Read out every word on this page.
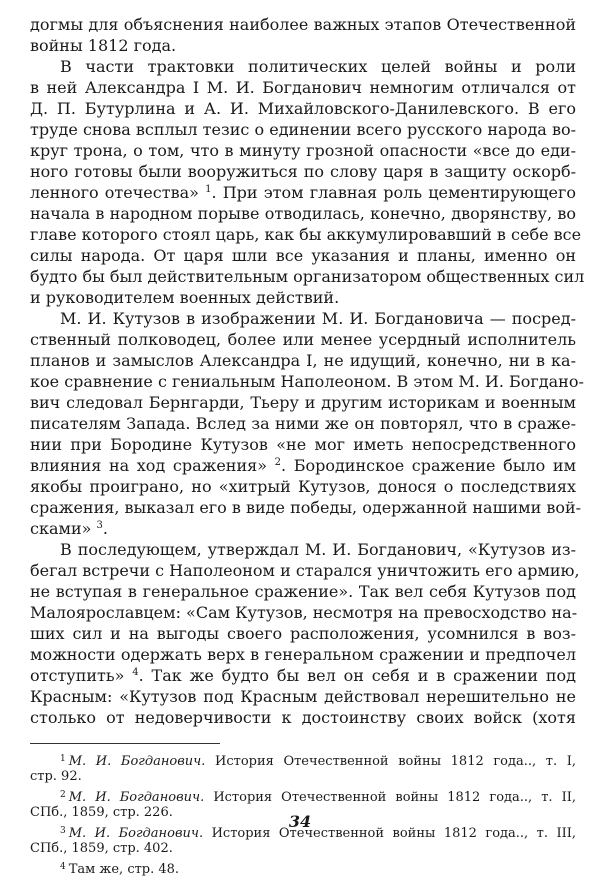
догмы для объяснения наиболее важных этапов Отечественной
войны 1812 года.
В части трактовки политических целей войны и роли
в ней Александра I М. И. Богданович немногим отличался от
Д. П. Бутурлина и А. И. Михайловского-Данилевского. В его
труде снова всплыл тезис о единении всего русского народа во-
круг трона, о том, что в минуту грозной опасности «все до еди-
ного готовы были вооружиться по слову царя в защиту оскорб-
ленного отечества» $^1$. При этом главная роль цементирующего
начала в народном порыве отводилась, конечно, дворянству, во
главе которого стоял царь, как бы аккумулировавший в себе все
силы народа. От царя шли все указания и планы, именно он
будто бы был действительным организатором общественных сил
и руководителем военных действий.
М. И. Кутузов в изображении М. И. Богдановича — посред-
ственный полководец, более или менее усердный исполнитель
планов и замыслов Александра I, не идущий, конечно, ни в ка-
кое сравнение с гениальным Наполеоном. В этом М. И. Богдано-
вич следовал Бернгарди, Тьеру и другим историкам и военным
писателям Запада. Вслед за ними же он повторял, что в сраже-
нии при Бородине Кутузов «не мог иметь непосредственного
влияния на ход сражения» $^2$. Бородинское сражение было им
якобы проиграно, но «хитрый Кутузов, донося о последствиях
сражения, выказал его в виде победы, одержанной нашими вой-
сками» $^3$.
В последующем, утверждал М. И. Богданович, «Кутузов из-
бегал встречи с Наполеоном и старался уничтожить его армию,
не вступая в генеральное сражение». Так вел себя Кутузов под
Малоярославцем: «Сам Кутузов, несмотря на превосходство на-
ших сил и на выгоды своего расположения, усомнился в воз-
можности одержать верх в генеральном сражении и предпочел
отступить» $^4$. Так же будто бы вел он себя и в сражении под
Красным: «Кутузов под Красным действовал нерешительно не
столько от недоверчивости к достоинству своих войск (хотя
$^1$ М. И. Богданович. История Отечественной войны 1812 года.., т. I,
стр. 92.
$^2$ М. И. Богданович. История Отечественной войны 1812 года.., т. II,
СПб., 1859, стр. 226.
$^3$ М. И. Богданович. История Отечественной войны 1812 года.., т. III,
СПб., 1859, стр. 402.
$^4$ Там же, стр. 48.
34
